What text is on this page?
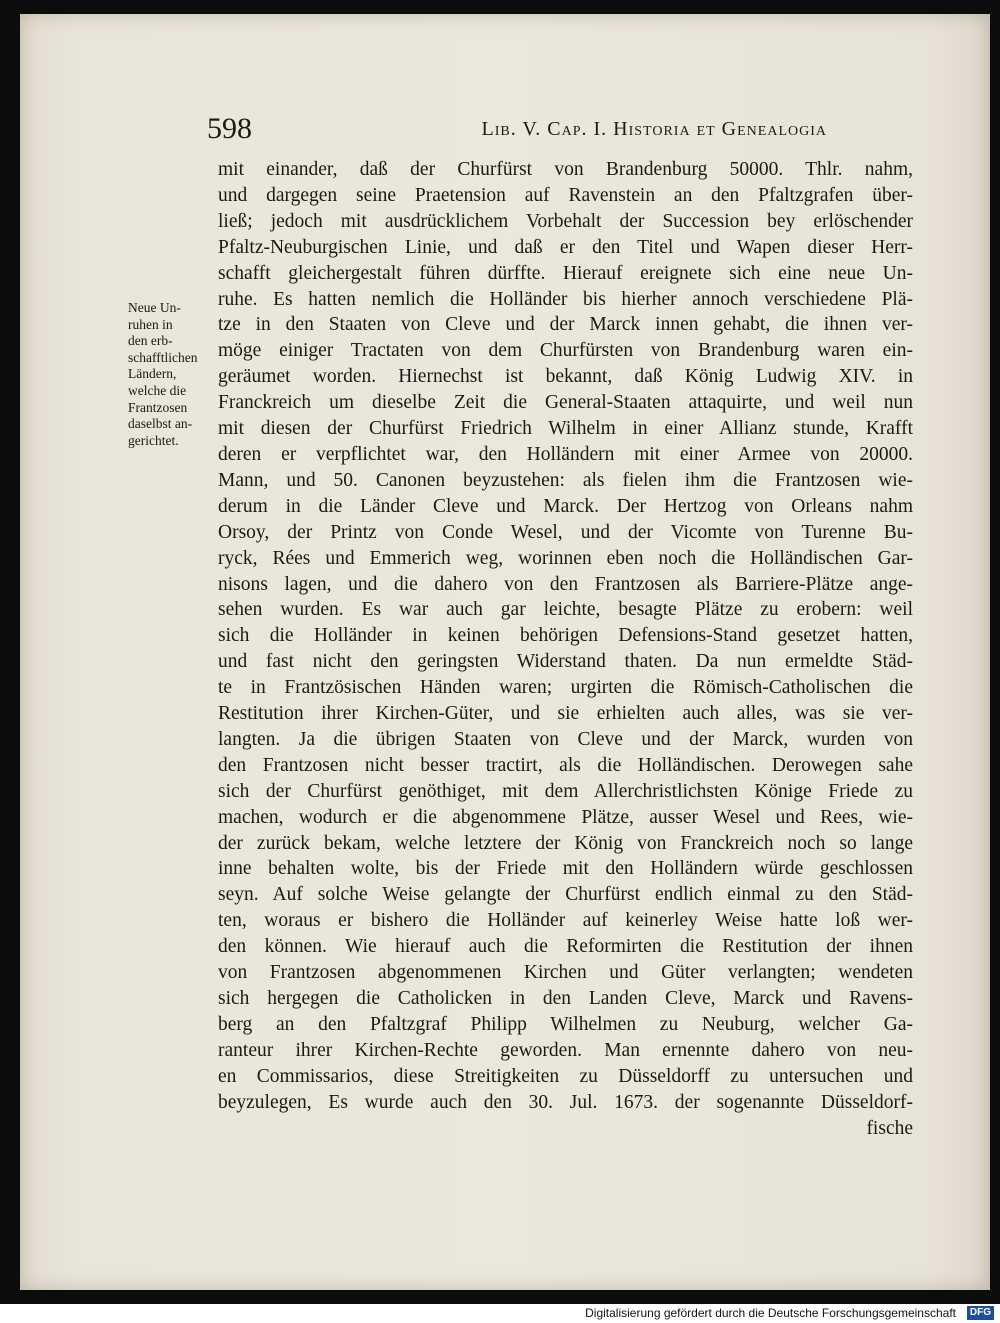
598	Lib. V. Cap. I. Historia et Genealogia
Neue Un-
ruhen in
den erb-
schafftlichen
Ländern,
welche die
Frantzosen
daselbst an-
gerichtet.
mit einander, daß der Churfürst von Brandenburg 50000. Thlr. nahm,
und dargegen seine Praetension auf Ravenstein an den Pfaltzgrafen über-
ließ; jedoch mit ausdrücklichem Vorbehalt der Succession bey erlöschender
Pfaltz-Neuburgischen Linie, und daß er den Titel und Wapen dieser Herr-
schafft gleichergestalt führen dürffte. Hierauf ereignete sich eine neue Un-
ruhe. Es hatten nemlich die Holländer bis hierher annoch verschiedene Plä-
tze in den Staaten von Cleve und der Marck innen gehabt, die ihnen ver-
möge einiger Tractaten von dem Churfürsten von Brandenburg waren ein-
geräumet worden. Hiernechst ist bekannt, daß König Ludwig XIV. in
Franckreich um dieselbe Zeit die General-Staaten attaquirte, und weil nun
mit diesen der Churfürst Friedrich Wilhelm in einer Allianz stunde, Krafft
deren er verpflichtet war, den Holländern mit einer Armee von 20000.
Mann, und 50. Canonen beyzustehen: als fielen ihm die Frantzosen wie-
derum in die Länder Cleve und Marck. Der Hertzog von Orleans nahm
Orsoy, der Printz von Conde Wesel, und der Vicomte von Turenne Bu-
ryck, Rées und Emmerich weg, worinnen eben noch die Holländischen Gar-
nisons lagen, und die dahero von den Frantzosen als Barriere-Plätze ange-
sehen wurden. Es war auch gar leichte, besagte Plätze zu erobern: weil
sich die Holländer in keinen behörigen Defensions-Stand gesetzet hatten,
und fast nicht den geringsten Widerstand thaten. Da nun ermeldte Städ-
te in Frantzösischen Händen waren; urgirten die Römisch-Catholischen die
Restitution ihrer Kirchen-Güter, und sie erhielten auch alles, was sie ver-
langten. Ja die übrigen Staaten von Cleve und der Marck, wurden von
den Frantzosen nicht besser tractirt, als die Holländischen. Derowegen sahe
sich der Churfürst genöthiget, mit dem Allerchristlichsten Könige Friede zu
machen, wodurch er die abgenommene Plätze, ausser Wesel und Rees, wie-
der zurück bekam, welche letztere der König von Franckreich noch so lange
inne behalten wolte, bis der Friede mit den Holländern würde geschlossen
seyn. Auf solche Weise gelangte der Churfürst endlich einmal zu den Städ-
ten, woraus er bishero die Holländer auf keinerley Weise hatte loß wer-
den können. Wie hierauf auch die Reformirten die Restitution der ihnen
von Frantzosen abgenommenen Kirchen und Güter verlangten; wendeten
sich hergegen die Catholicken in den Landen Cleve, Marck und Ravens-
berg an den Pfaltzgraf Philipp Wilhelmen zu Neuburg, welcher Ga-
ranteur ihrer Kirchen-Rechte geworden. Man ernennte dahero von neu-
en Commissarios, diese Streitigkeiten zu Düsseldorff zu untersuchen und
beyzulegen, Es wurde auch den 30. Jul. 1673. der sogenannte Düsseldorf-
fische
Digitalisierung gefördert durch die Deutsche Forschungsgemeinschaft	DFG
